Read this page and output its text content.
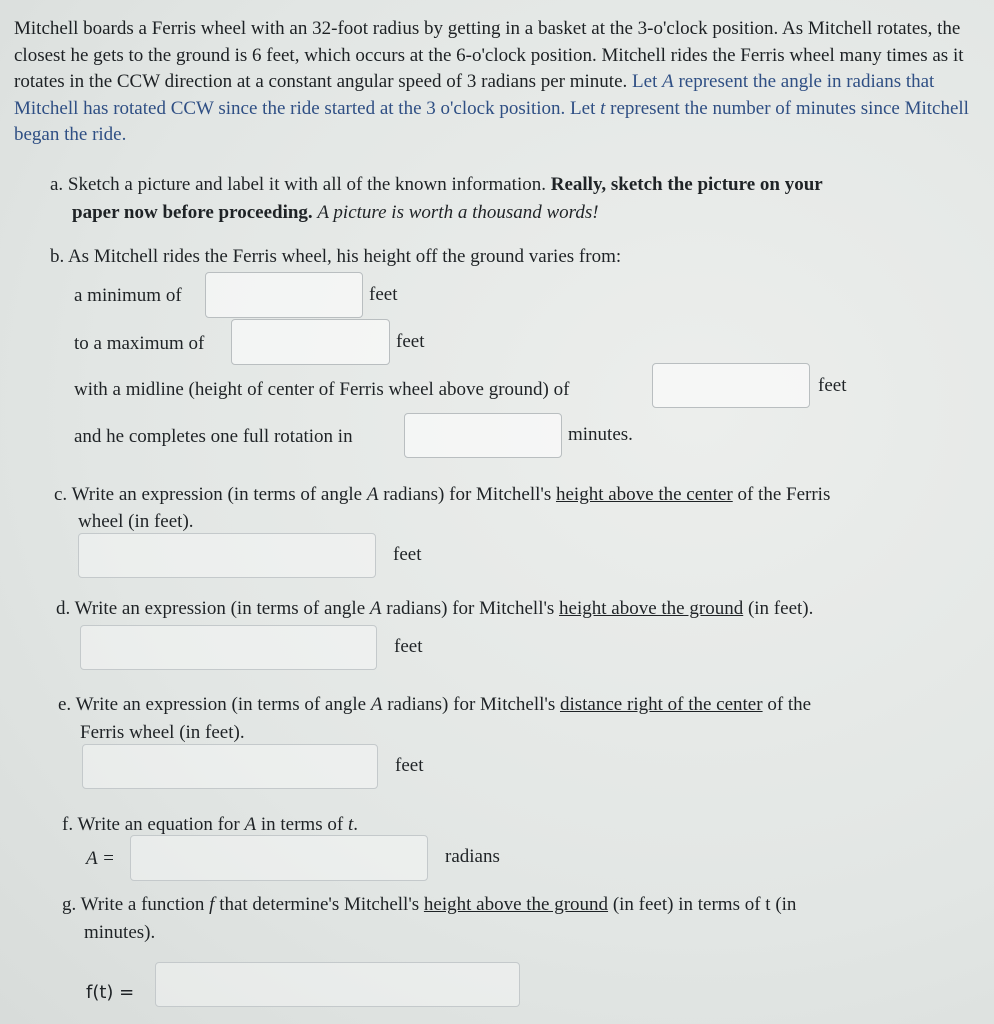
Mitchell boards a Ferris wheel with an 32-foot radius by getting in a basket at the 3-o'clock position. As Mitchell rotates, the closest he gets to the ground is 6 feet, which occurs at the 6-o'clock position. Mitchell rides the Ferris wheel many times as it rotates in the CCW direction at a constant angular speed of 3 radians per minute. Let A represent the angle in radians that Mitchell has rotated CCW since the ride started at the 3 o'clock position. Let t represent the number of minutes since Mitchell began the ride.
a. Sketch a picture and label it with all of the known information. Really, sketch the picture on your
paper now before proceeding. A picture is worth a thousand words!
b. As Mitchell rides the Ferris wheel, his height off the ground varies from:
a minimum of	feet
to a maximum of	feet
with a midline (height of center of Ferris wheel above ground) of	feet
and he completes one full rotation in	minutes.
c. Write an expression (in terms of angle A radians) for Mitchell's height above the center of the Ferris
wheel (in feet).
feet
d. Write an expression (in terms of angle A radians) for Mitchell's height above the ground (in feet).
feet
e. Write an expression (in terms of angle A radians) for Mitchell's distance right of the center of the
Ferris wheel (in feet).
feet
f. Write an equation for A in terms of t.
A =	radians
g. Write a function f that determine's Mitchell's height above the ground (in feet) in terms of t (in
minutes).
f(t) =
